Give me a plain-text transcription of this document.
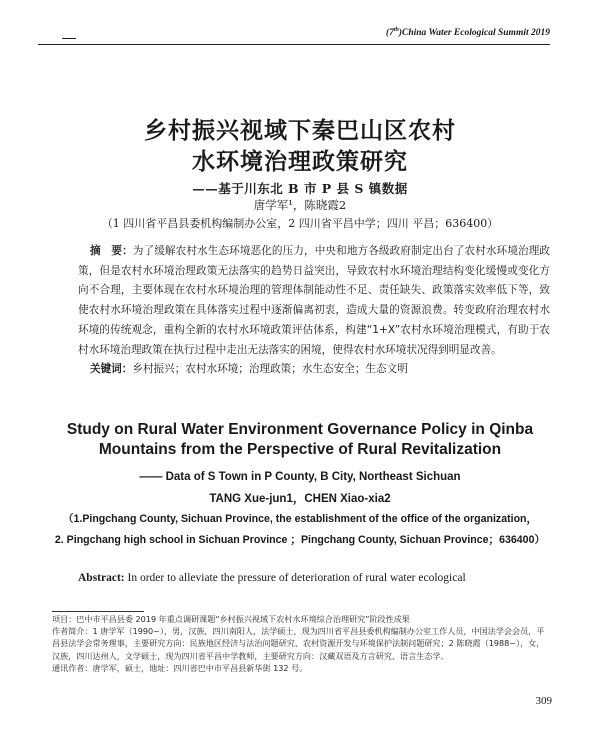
(7th)China Water Ecological Summit 2019
乡村振兴视域下秦巴山区农村
水环境治理政策研究
——基于川东北 B 市 P 县 S 镇数据
唐学军¹，陈晓霞2
（1 四川省平昌县委机构编制办公室，2 四川省平昌中学；四川 平昌；636400）
摘　要：为了缓解农村水生态环境恶化的压力，中央和地方各级政府制定出台了农村水环境治理政策，但是农村水环境治理政策无法落实的趋势日益突出，导致农村水环境治理结构变化缓慢或变化方向不合理，主要体现在农村水环境治理的管理体制能动性不足、责任缺失、政策落实效率低下等，致使农村水环境治理政策在具体落实过程中逐渐偏离初衷，造成大量的资源浪费。转变政府治理农村水环境的传统观念，重构全新的农村水环境政策评估体系，构建“1+X”农村水环境治理模式，有助于农村水环境治理政策在执行过程中走出无法落实的困境，使得农村水环境状况得到明显改善。
关键词：乡村振兴；农村水环境；治理政策；水生态安全；生态文明
Study on Rural Water Environment Governance Policy in Qinba
Mountains from the Perspective of Rural Revitalization
—— Data of S Town in P County, B City, Northeast Sichuan
TANG Xue-jun1，CHEN Xiao-xia2
（1.Pingchang County, Sichuan Province, the establishment of the office of the organization，
2. Pingchang high school in Sichuan Province ；Pingchang County, Sichuan Province；636400）
Abstract: In order to alleviate the pressure of deterioration of rural water ecological

项目：巴中市平昌县委 2019 年重点调研课题“乡村振兴视域下农村水环境综合治理研究”阶段性成果

作者简介：1 唐学军（1990~），男，汉族，四川南阳人，法学硕士，现为四川省平昌县委机构编制办公室工作人员，中国法学会会员，平昌县法学会常务理事，主要研究方向：民族地区经济与法治问题研究、农村资源开发与环境保护法制问题研究；2 陈晓霞（1988~），女，汉族，四川达州人，文学硕士，现为四川省平昌中学教师，主要研究方向：汉藏双语及方言研究、语言生态学。

通讯作者：唐学军，硕士，地址：四川省巴中市平昌县新华街 132 号。

309
